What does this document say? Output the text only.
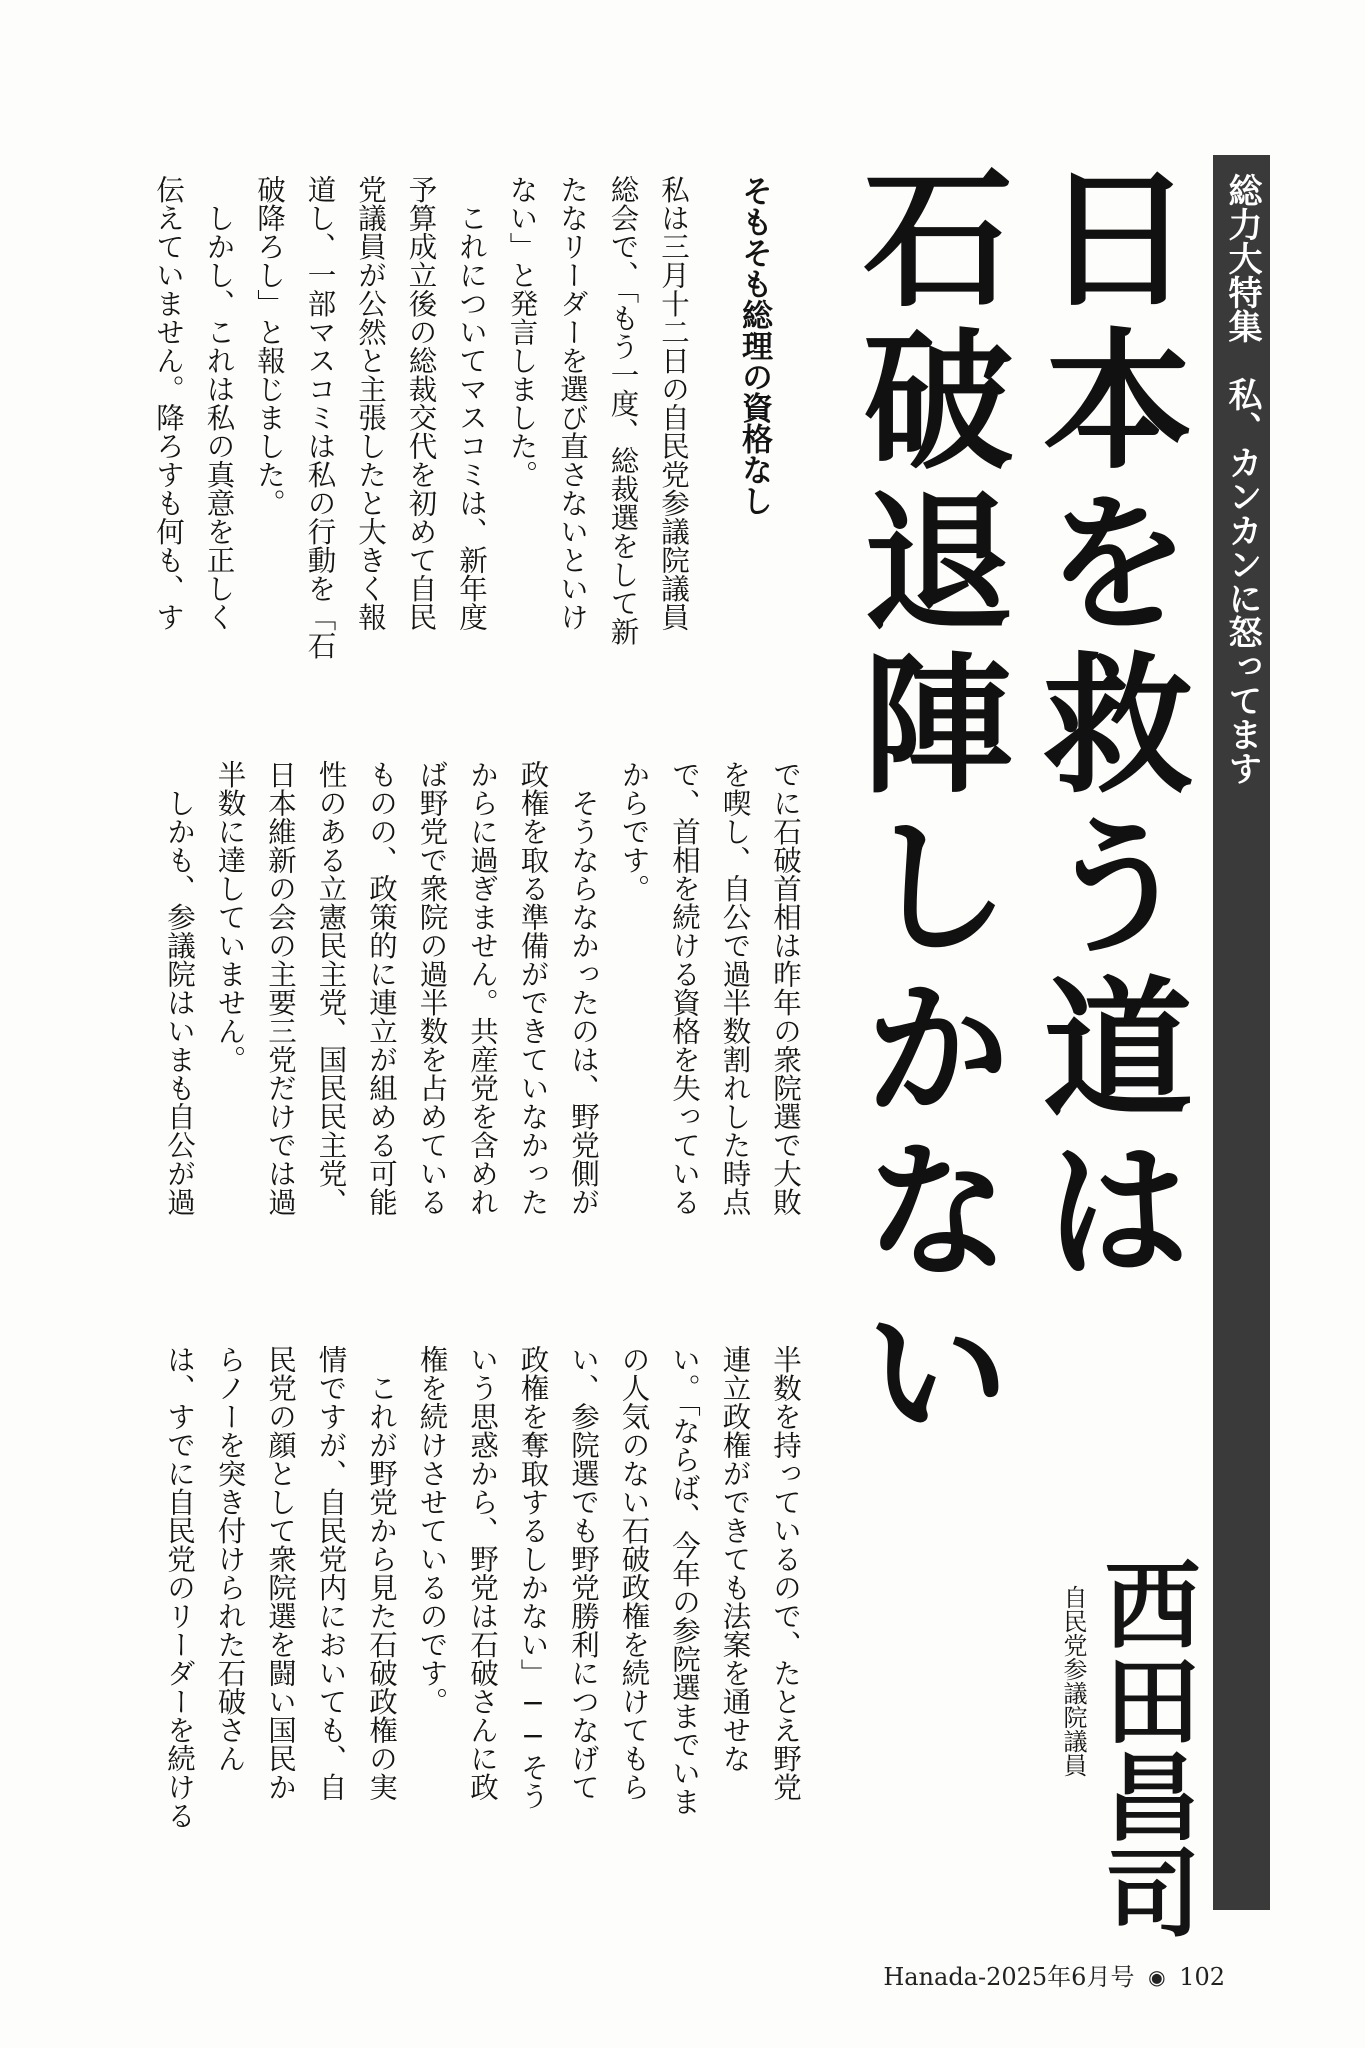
総力大特集　私、カンカンに怒ってます
日本を救う道は
石破退陣しかない
西田昌司
自民党参議院議員
そもそも総理の資格なし
私は三月十二日の自民党参議院議員
総会で、「もう一度、総裁選をして新
たなリーダーを選び直さないといけ
ない」と発言しました。
　これについてマスコミは、新年度
予算成立後の総裁交代を初めて自民
党議員が公然と主張したと大きく報
道し、一部マスコミは私の行動を「石
破降ろし」と報じました。
　しかし、これは私の真意を正しく
伝えていません。降ろすも何も、す
でに石破首相は昨年の衆院選で大敗
を喫し、自公で過半数割れした時点
で、首相を続ける資格を失っている
からです。
　そうならなかったのは、野党側が
政権を取る準備ができていなかった
からに過ぎません。共産党を含めれ
ば野党で衆院の過半数を占めている
ものの、政策的に連立が組める可能
性のある立憲民主党、国民民主党、
日本維新の会の主要三党だけでは過
半数に達していません。
　しかも、参議院はいまも自公が過
半数を持っているので、たとえ野党
連立政権ができても法案を通せな
い。「ならば、今年の参院選までいま
の人気のない石破政権を続けてもら
い、参院選でも野党勝利につなげて
政権を奪取するしかない」──そう
いう思惑から、野党は石破さんに政
権を続けさせているのです。
　これが野党から見た石破政権の実
情ですが、自民党内においても、自
民党の顔として衆院選を闘い国民か
らノーを突き付けられた石破さん
は、すでに自民党のリーダーを続ける
Hanada-2025年6月号 ◉ 102
